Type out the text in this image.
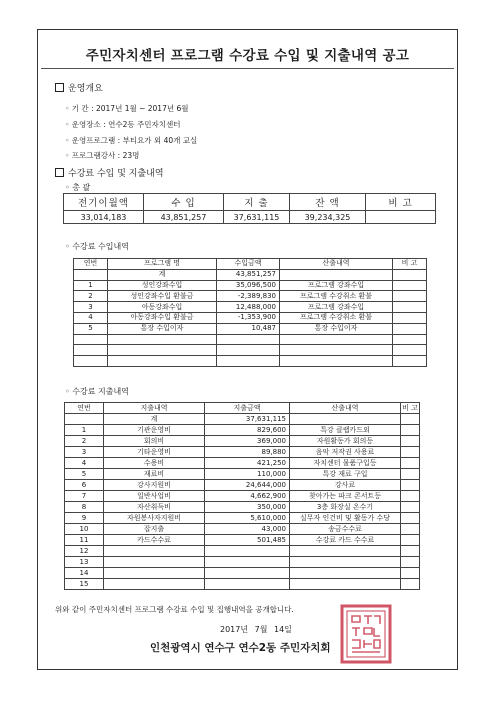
주민자치센터 프로그램 수강료 수입 및 지출내역 공고
운영개요
◦ 기 간 : 2017년 1월 ~ 2017년 6월
◦ 운영장소 : 연수2동 주민자치센터
◦ 운영프로그램 : 부티요가 외 40개 교실
◦ 프로그램강사 : 23명
수강료 수입 및 지출내역
◦ 총 괄
전기이월액	수 입	지 출	잔 액	비 고
33,014,183	43,851,257	37,631,115	39,234,325	
◦ 수강료 수입내역
연번	프로그램 명	수입금액	산출내역	비 고
	계	43,851,257		
1	성인강좌수입	35,096,500	프로그램 강좌수입	
2	성인강좌수입 환불금	-2,389,830	프로그램 수강취소 환불	
3	아동강좌수입	12,488,000	프로그램 강좌수입	
4	아동강좌수입 환불금	-1,353,900	프로그램 수강취소 환불	
5	통장 수입이자	10,487	통장 수입이자	

◦ 수강료 지출내역
연번	지출내역	지출금액	산출내역	비 고
	계	37,631,115		
1	기관운영비	829,600	특강 클랩카드외	
2	회의비	369,000	자원활동가 회의등	
3	기타운영비	89,880	음악 저작권 사용료	
4	수용비	421,250	자치센터 물품구입등	
5	재료비	110,000	특강 재료 구입	
6	강사지원비	24,644,000	강사료	
7	일반사업비	4,662,900	찾아가는 파크 콘서트등	
8	자산취득비	350,000	3층 화장실 온수기	
9	자원봉사자지원비	5,610,000	실무자 인건비 및 활동가 수당	
10	잡지출	43,000	송금수수료	
11	카드수수료	501,485	수강료 카드 수수료	
12				
13				
14				
15				
위와 같이 주민자치센터 프로그램 수강료 수입 및 집행내역을 공개합니다.
2017년 7월 14일
인천광역시 연수구 연수2동 주민자치회
